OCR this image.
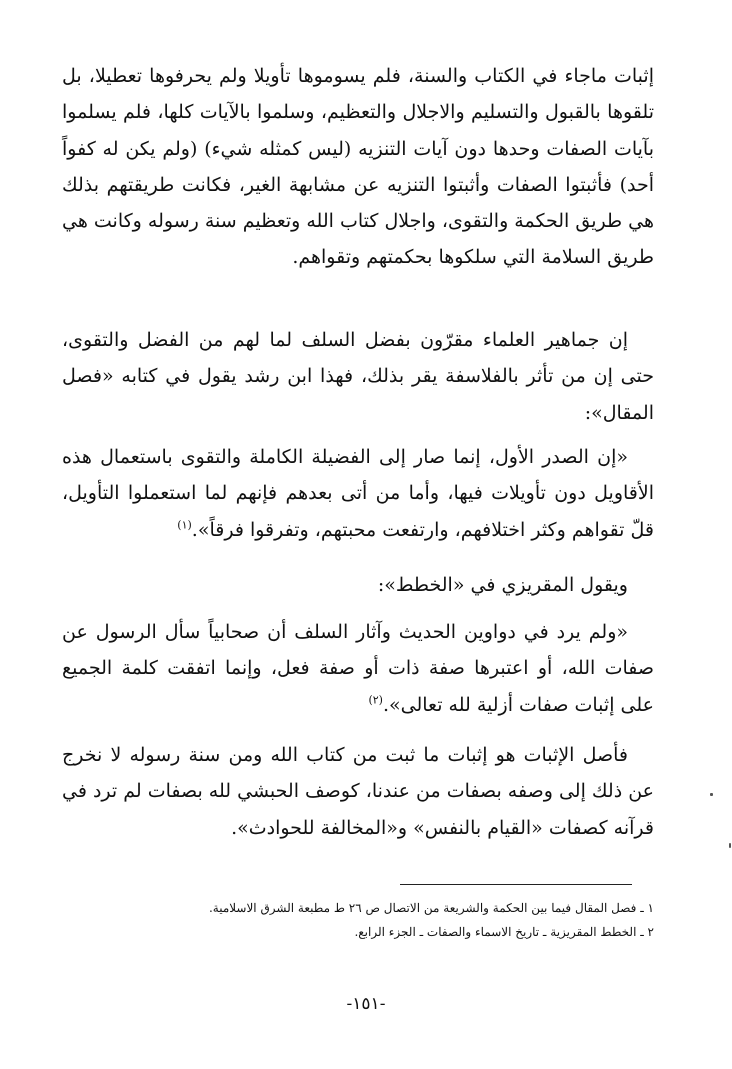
إثبات ماجاء في الكتاب والسنة، فلم يسوموها تأويلا ولم يحرفوها تعطيلا، بل تلقوها بالقبول والتسليم والاجلال والتعظيم، وسلموا بالآيات كلها، فلم يسلموا بآيات الصفات وحدها دون آيات التنزيه (ليس كمثله شيء) (ولم يكن له كفواً أحد) فأثبتوا الصفات وأثبتوا التنزيه عن مشابهة الغير، فكانت طريقتهم بذلك هي طريق الحكمة والتقوى، واجلال كتاب الله وتعظيم سنة رسوله وكانت هي طريق السلامة التي سلكوها بحكمتهم وتقواهم.

إن جماهير العلماء مقرّون بفضل السلف لما لهم من الفضل والتقوى، حتى إن من تأثر بالفلاسفة يقر بذلك، فهذا ابن رشد يقول في كتابه «فصل المقال»:

«إن الصدر الأول، إنما صار إلى الفضيلة الكاملة والتقوى باستعمال هذه الأقاويل دون تأويلات فيها، وأما من أتى بعدهم فإنهم لما استعملوا التأويل، قلّ تقواهم وكثر اختلافهم، وارتفعت محبتهم، وتفرقوا فرقاً».$^{(١)}$

ويقول المقريزي في «الخطط»:

«ولم يرد في دواوين الحديث وآثار السلف أن صحابياً سأل الرسول عن صفات الله، أو اعتبرها صفة ذات أو صفة فعل، وإنما اتفقت كلمة الجميع على إثبات صفات أزلية لله تعالى».$^{(٢)}$

فأصل الإثبات هو إثبات ما ثبت من كتاب الله ومن سنة رسوله لا نخرج عن ذلك إلى وصفه بصفات من عندنا، كوصف الحبشي لله بصفات لم ترد في قرآنه كصفات «القيام بالنفس» و«المخالفة للحوادث».

١ ـ فصل المقال فيما بين الحكمة والشريعة من الاتصال ص ٢٦ ط مطبعة الشرق الاسلامية.

٢ ـ الخطط المقريزية ـ تاريخ الاسماء والصفات ـ الجزء الرابع.

-١٥١-
